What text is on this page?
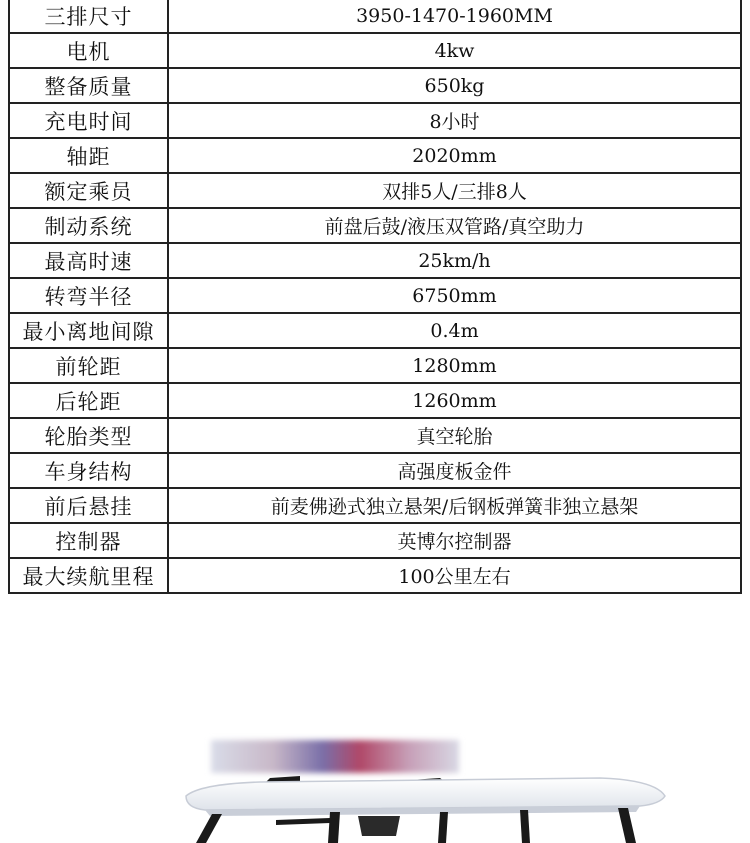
三排尺寸	3950-1470-1960MM
电机	4kw
整备质量	650kg
充电时间	8小时
轴距	2020mm
额定乘员	双排5人/三排8人
制动系统	前盘后鼓/液压双管路/真空助力
最高时速	25km/h
转弯半径	6750mm
最小离地间隙	0.4m
前轮距	1280mm
后轮距	1260mm
轮胎类型	真空轮胎
车身结构	高强度板金件
前后悬挂	前麦佛逊式独立悬架/后钢板弹簧非独立悬架
控制器	英博尔控制器
最大续航里程	100公里左右
